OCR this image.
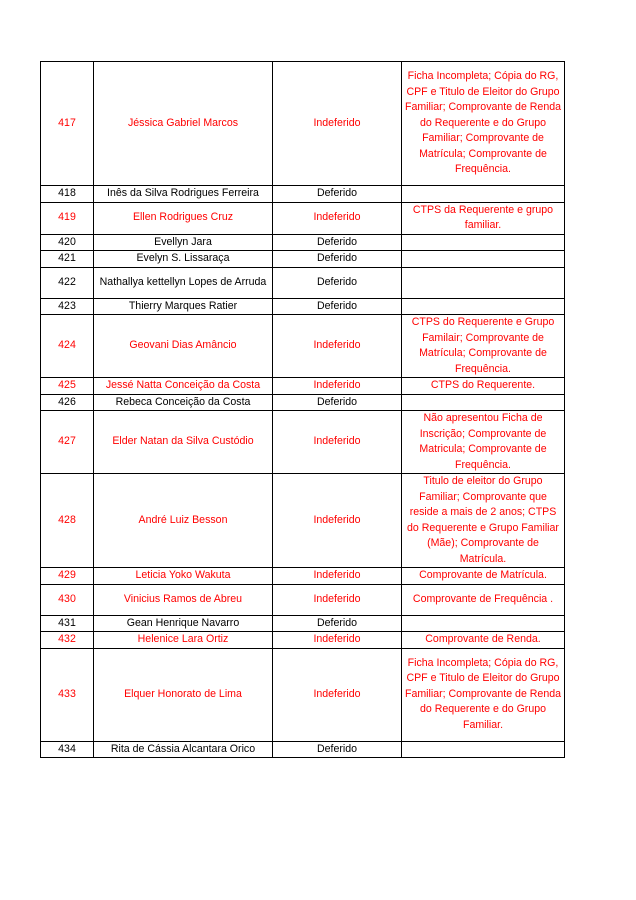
417	Jéssica Gabriel Marcos	Indeferido	Ficha Incompleta; Cópia do RG, CPF e Titulo de Eleitor do Grupo Familiar; Comprovante de Renda do Requerente e do Grupo Familiar; Comprovante de Matrícula; Comprovante de Frequência.
418	Inês da Silva Rodrigues Ferreira	Deferido	
419	Ellen Rodrigues Cruz	Indeferido	CTPS da Requerente e grupo familiar.
420	Evellyn Jara	Deferido	
421	Evelyn S. Lissaraça	Deferido	
422	Nathallya kettellyn Lopes de Arruda	Deferido	
423	Thierry Marques Ratier	Deferido	
424	Geovani Dias Amâncio	Indeferido	CTPS do Requerente e Grupo Familair; Comprovante de Matrícula; Comprovante de Frequência.
425	Jessé Natta Conceição da Costa	Indeferido	CTPS do Requerente.
426	Rebeca Conceição da Costa	Deferido	
427	Elder Natan da Silva Custódio	Indeferido	Não apresentou Ficha de Inscrição; Comprovante de Matricula; Comprovante de Frequência.
428	André Luiz Besson	Indeferido	Titulo de eleitor do Grupo Familiar; Comprovante que reside a mais de 2 anos; CTPS do Requerente e Grupo Familiar (Mãe); Comprovante de Matrícula.
429	Leticia Yoko Wakuta	Indeferido	Comprovante de Matrícula.
430	Vinicius Ramos de Abreu	Indeferido	Comprovante de Frequência .
431	Gean Henrique Navarro	Deferido	
432	Helenice Lara Ortiz	Indeferido	Comprovante de Renda.
433	Elquer Honorato de Lima	Indeferido	Ficha Incompleta; Cópia do RG, CPF e Titulo de Eleitor do Grupo Familiar; Comprovante de Renda do Requerente e do Grupo Familiar.
434	Rita de Cássia Alcantara Orico	Deferido	
